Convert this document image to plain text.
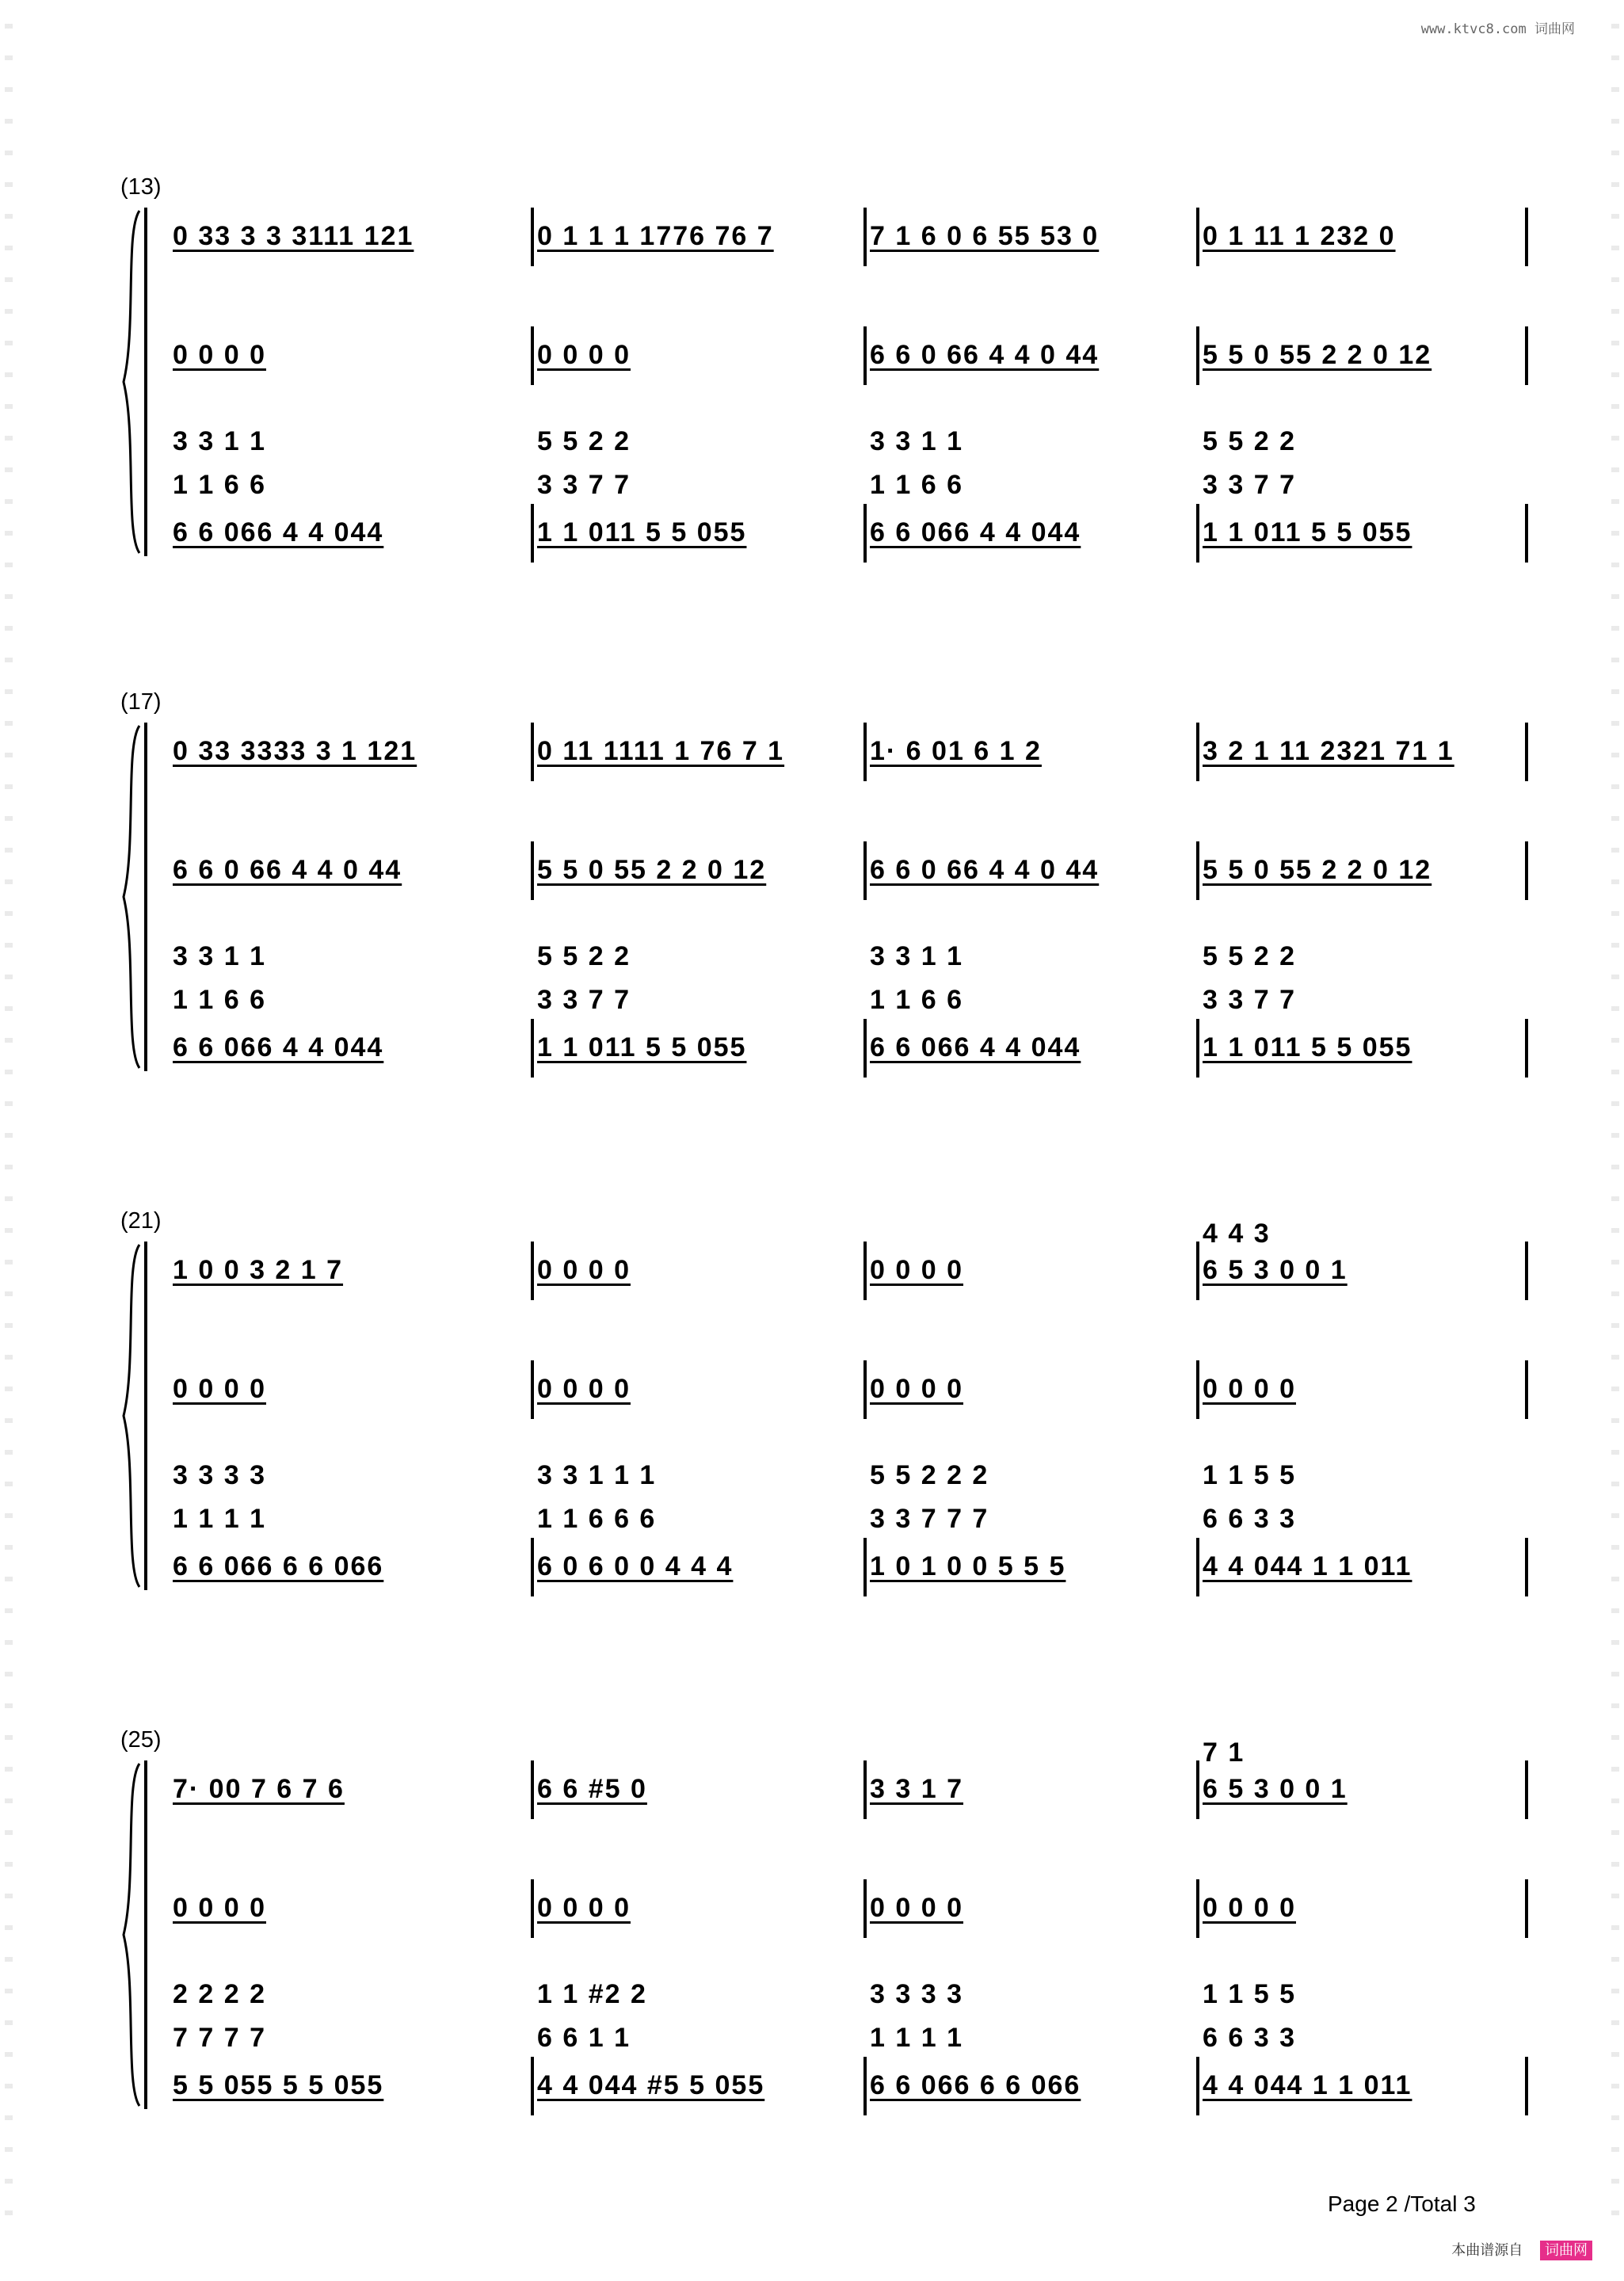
www.ktvc8.com 词曲网
(13)
0 33 3 3 3111 121	0 1 1 1 1776 76 7	7 1 6 0 6 55 53 0	0 1 11 1 232 0
0 0 0 0	0 0 0 0	6 6 0 66 4 4 0 44	5 5 0 55 2 2 0 12
3 3 1 1	5 5 2 2	3 3 1 1	5 5 2 2
1 1 6 6	3 3 7 7	1 1 6 6	3 3 7 7
6 6 066 4 4 044	1 1 011 5 5 055	6 6 066 4 4 044	1 1 011 5 5 055
(17)
0 33 3333 3 1 121	0 11 1111 1 76 7 1	1· 6 01 6 1 2	3 2 1 11 2321 71 1
6 6 0 66 4 4 0 44	5 5 0 55 2 2 0 12	6 6 0 66 4 4 0 44	5 5 0 55 2 2 0 12
3 3 1 1	5 5 2 2	3 3 1 1	5 5 2 2
1 1 6 6	3 3 7 7	1 1 6 6	3 3 7 7
6 6 066 4 4 044	1 1 011 5 5 055	6 6 066 4 4 044	1 1 011 5 5 055
(21)	4 4 3
1 0 0 3 2 1 7	0 0 0 0	0 0 0 0	6 5 3 0 0 1
0 0 0 0	0 0 0 0	0 0 0 0	0 0 0 0
3 3 3 3	3 3 1 1 1	5 5 2 2 2	1 1 5 5
1 1 1 1	1 1 6 6 6	3 3 7 7 7	6 6 3 3
6 6 066 6 6 066	6 0 6 0 0 4 4 4	1 0 1 0 0 5 5 5	4 4 044 1 1 011
(25)	7 1
7· 00 7 6 7 6	6 6 #5 0	3 3 1 7	6 5 3 0 0 1
0 0 0 0	0 0 0 0	0 0 0 0	0 0 0 0
2 2 2 2	1 1 #2 2	3 3 3 3	1 1 5 5
7 7 7 7	6 6 1 1	1 1 1 1	6 6 3 3
5 5 055 5 5 055	4 4 044 #5 5 055	6 6 066 6 6 066	4 4 044 1 1 011
Page 2 /Total 3
本曲谱源自 词曲网
